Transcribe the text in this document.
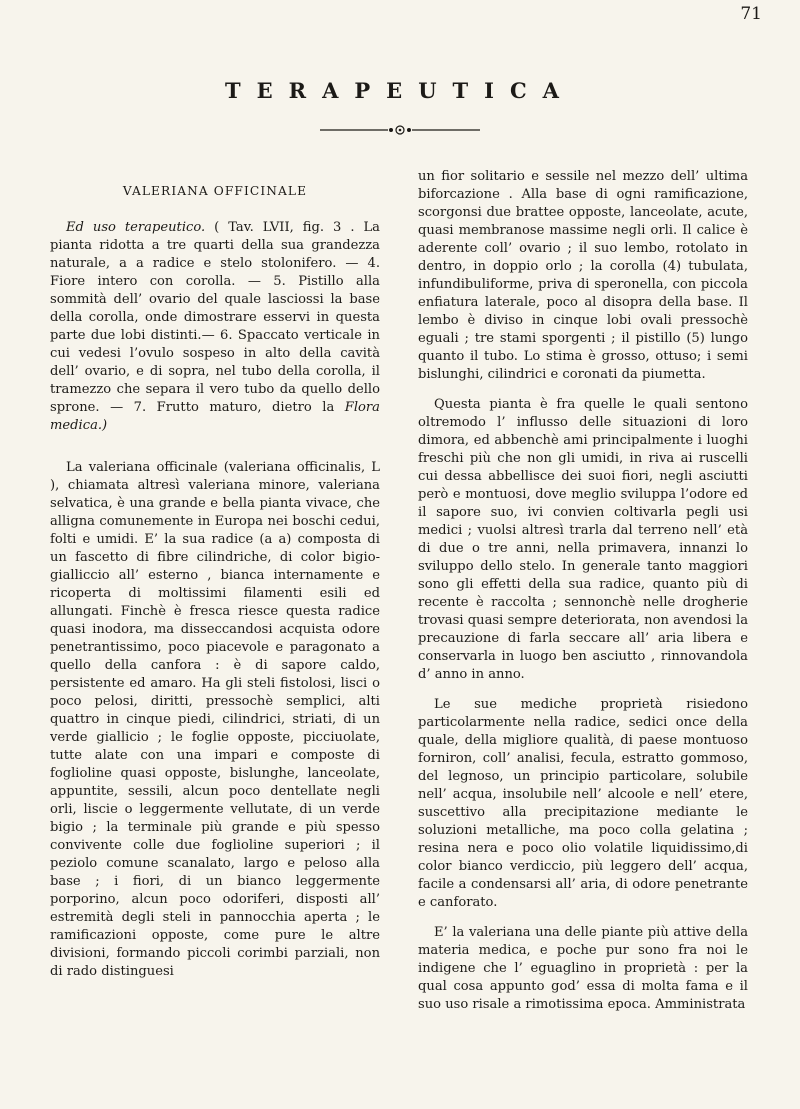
71
TERAPEUTICA
VALERIANA OFFICINALE

Ed uso terapeutico. ( Tav. LVII, fig. 3 . La pianta ridotta a tre quarti della sua grandezza naturale, a a radice e stelo stolonifero. — 4. Fiore intero con corolla. — 5. Pistillo alla sommità dell’ ovario del quale lasciossi la base della corolla, onde dimostrare esservi in questa parte due lobi distinti.— 6. Spaccato verticale in cui vedesi l’ovulo sospeso in alto della cavità dell’ ovario, e di sopra, nel tubo della corolla, il tramezzo che separa il vero tubo da quello dello sprone. — 7. Frutto maturo, dietro la Flora medica.)

La valeriana officinale (valeriana officinalis, L ), chiamata altresì valeriana minore, valeriana selvatica, è una grande e bella pianta vivace, che alligna comunemente in Europa nei boschi cedui, folti e umidi. E’ la sua radice (a a) composta di un fascetto di fibre cilindriche, di color bigio-gialliccio all’ esterno , bianca internamente e ricoperta di moltissimi filamenti esili ed allungati. Finchè è fresca riesce questa radice quasi inodora, ma disseccandosi acquista odore penetrantissimo, poco piacevole e paragonato a quello della canfora : è di sapore caldo, persistente ed amaro. Ha gli steli fistolosi, lisci o poco pelosi, diritti, pressochè semplici, alti quattro in cinque piedi, cilindrici, striati, di un verde giallicio ; le foglie opposte, picciuolate, tutte alate con una impari e composte di foglioline quasi opposte, bislunghe, lanceolate, appuntite, sessili, alcun poco dentellate negli orli, liscie o leggermente vellutate, di un verde bigio ; la terminale più grande e più spesso convivente colle due foglioline superiori ; il peziolo comune scanalato, largo e peloso alla base ; i fiori, di un bianco leggermente porporino, alcun poco odoriferi, disposti all’ estremità degli steli in pannocchia aperta ; le ramificazioni opposte, come pure le altre divisioni, formando piccoli corimbi parziali, non di rado distinguesi

un fior solitario e sessile nel mezzo dell’ ultima biforcazione . Alla base di ogni ramificazione, scorgonsi due brattee opposte, lanceolate, acute, quasi membranose massime negli orli. Il calice è aderente coll’ ovario ; il suo lembo, rotolato in dentro, in doppio orlo ; la corolla (4) tubulata, infundibuliforme, priva di speronella, con piccola enfiatura laterale, poco al disopra della base. Il lembo è diviso in cinque lobi ovali pressochè eguali ; tre stami sporgenti ; il pistillo (5) lungo quanto il tubo. Lo stima è grosso, ottuso; i semi bislunghi, cilindrici e coronati da piumetta.

Questa pianta è fra quelle le quali sentono oltremodo l’ influsso delle situazioni di loro dimora, ed abbenchè ami principalmente i luoghi freschi più che non gli umidi, in riva ai ruscelli cui dessa abbellisce dei suoi fiori, negli asciutti però e montuosi, dove meglio sviluppa l’odore ed il sapore suo, ivi convien coltivarla pegli usi medici ; vuolsi altresì trarla dal terreno nell’ età di due o tre anni, nella primavera, innanzi lo sviluppo dello stelo. In generale tanto maggiori sono gli effetti della sua radice, quanto più di recente è raccolta ; sennonchè nelle drogherie trovasi quasi sempre deteriorata, non avendosi la precauzione di farla seccare all’ aria libera e conservarla in luogo ben asciutto , rinnovandola d’ anno in anno.

Le sue mediche proprietà risiedono particolarmente nella radice, sedici once della quale, della migliore qualità, di paese montuoso forniron, coll’ analisi, fecula, estratto gommoso, del legnoso, un principio particolare, solubile nell’ acqua, insolubile nell’ alcoole e nell’ etere, suscettivo alla precipitazione mediante le soluzioni metalliche, ma poco colla gelatina ; resina nera e poco olio volatile liquidissimo,di color bianco verdiccio, più leggero dell’ acqua, facile a condensarsi all’ aria, di odore penetrante e canforato.

E’ la valeriana una delle piante più attive della materia medica, e poche pur sono fra noi le indigene che l’ eguaglino in proprietà : per la qual cosa appunto god’ essa di molta fama e il suo uso risale a rimotissima epoca. Amministrata
